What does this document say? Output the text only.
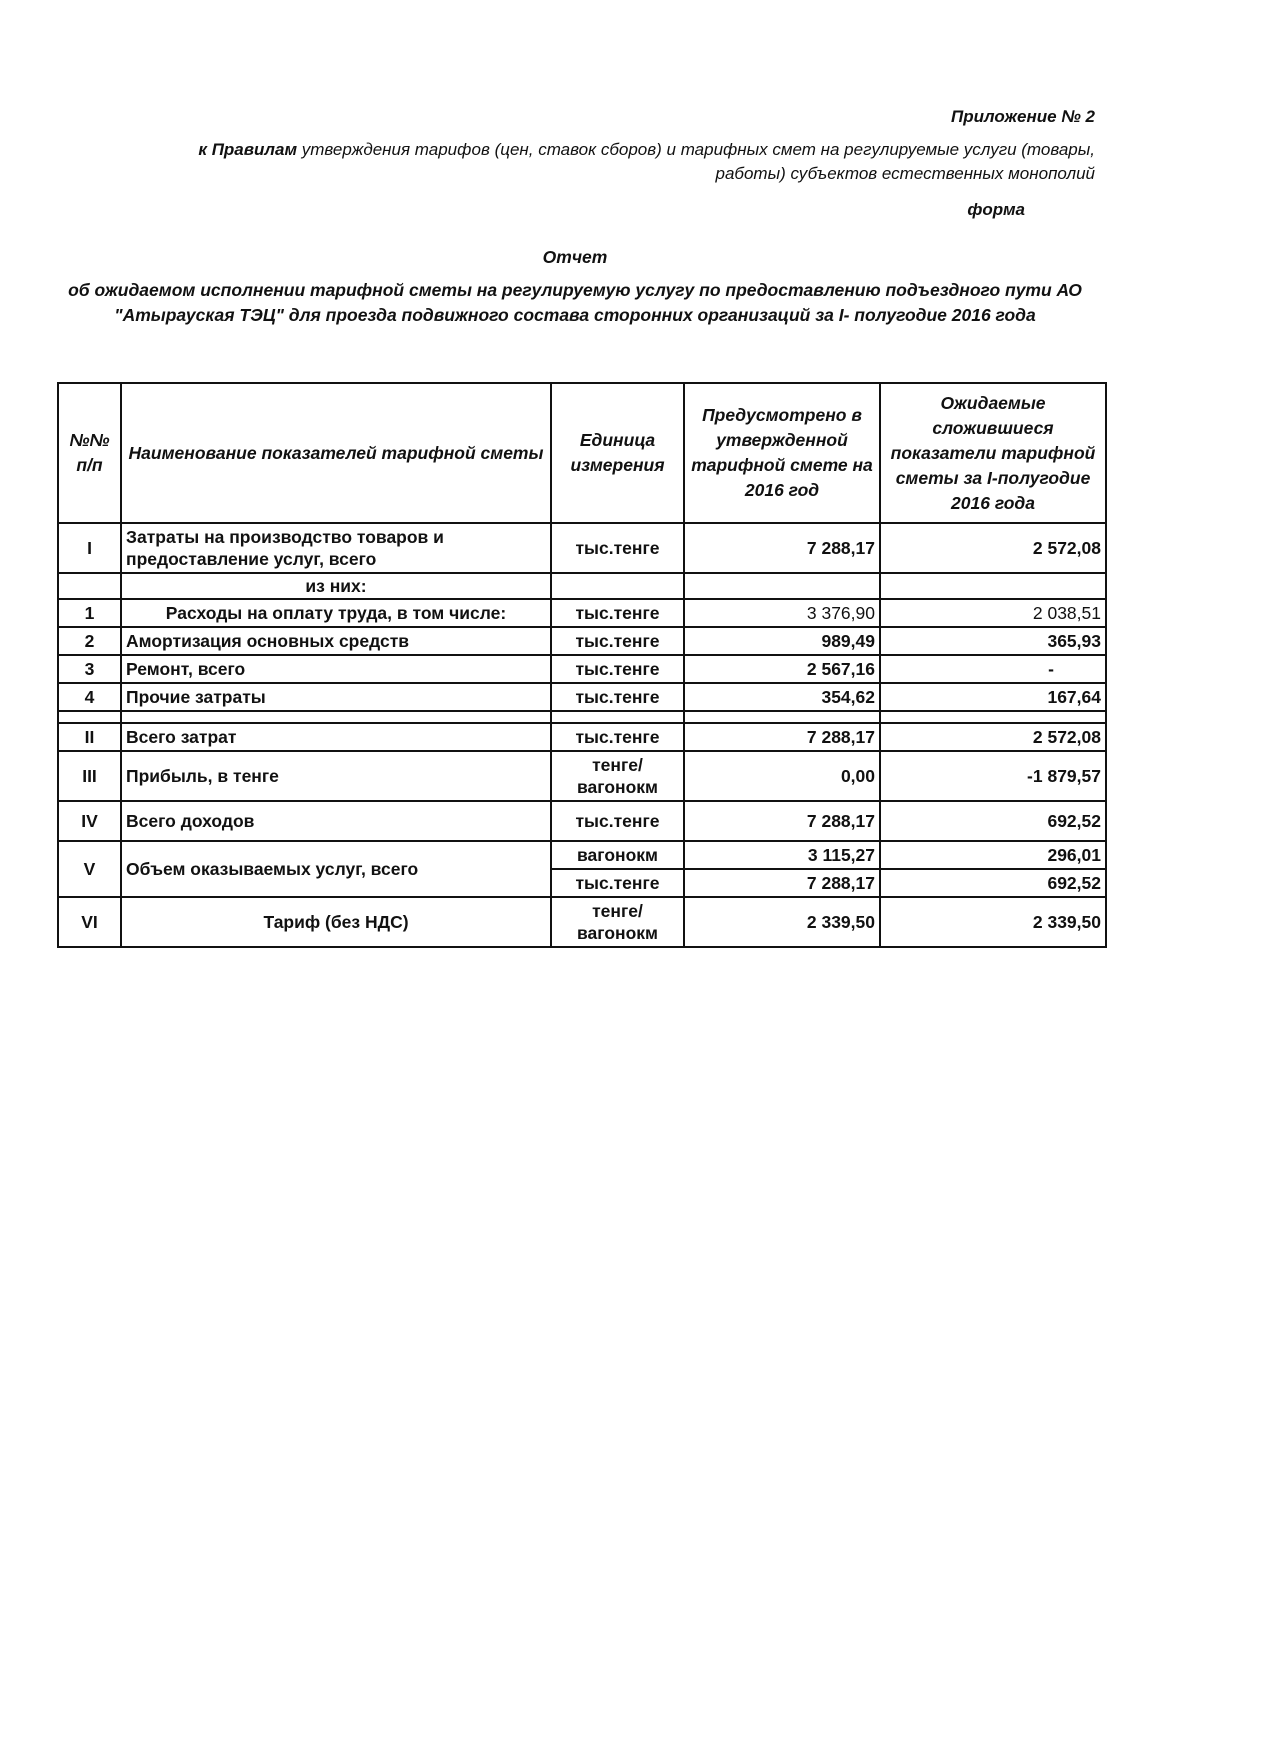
Приложение № 2
к Правилам утверждения тарифов (цен, ставок сборов) и тарифных смет на регулируемые услуги (товары, работы) субъектов естественных монополий
форма
Отчет
об ожидаемом исполнении тарифной сметы на регулируемую услугу по предоставлению подъездного пути АО "Атырауская ТЭЦ" для проезда подвижного состава сторонних организаций за I- полугодие 2016 года
№№ п/п	Наименование показателей тарифной сметы	Единица измерения	Предусмотрено в утвержденной тарифной смете на 2016 год	Ожидаемые сложившиеся показатели тарифной сметы за I-полугодие 2016 года
I	Затраты на производство товаров и предоставление услуг, всего	тыс.тенге	7 288,17	2 572,08
	из них:			
1	Расходы на оплату труда, в том числе:	тыс.тенге	3 376,90	2 038,51
2	Амортизация основных средств	тыс.тенге	989,49	365,93
3	Ремонт, всего	тыс.тенге	2 567,16	-
4	Прочие затраты	тыс.тенге	354,62	167,64

II	Всего затрат	тыс.тенге	7 288,17	2 572,08
III	Прибыль, в тенге	тенге/ вагонокм	0,00	-1 879,57
IV	Всего доходов	тыс.тенге	7 288,17	692,52
V	Объем оказываемых услуг, всего	вагонокм	3 115,27	296,01
		тыс.тенге	7 288,17	692,52
VI	Тариф (без НДС)	тенге/ вагонокм	2 339,50	2 339,50
